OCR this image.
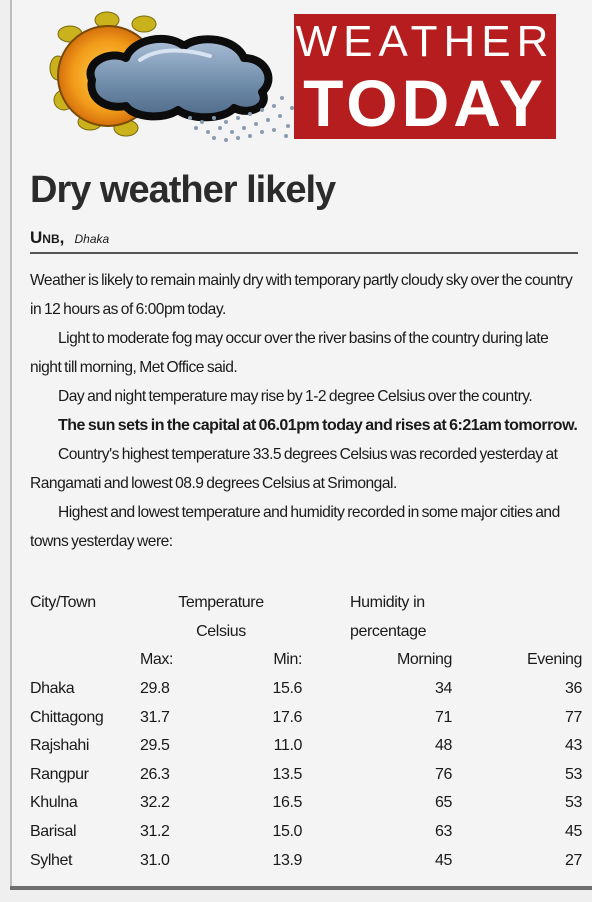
WEATHER
TODAY
Dry weather likely
Unb, Dhaka

Weather is likely to remain mainly dry with temporary partly cloudy sky over the country in 12 hours as of 6:00pm today.

Light to moderate fog may occur over the river basins of the country during late night till morning, Met Office said.

Day and night temperature may rise by 1-2 degree Celsius over the country.

The sun sets in the capital at 06.01pm today and rises at 6:21am tomorrow.

Country's highest temperature 33.5 degrees Celsius was recorded yesterday at Rangamati and lowest 08.9 degrees Celsius at Srimongal.

Highest and lowest temperature and humidity recorded in some major cities and towns yesterday were:

City/Town	Temperature		Humidity in	
	Celsius		percentage	
	Max:	Min:	Morning	Evening
Dhaka	29.8	15.6	34	36
Chittagong	31.7	17.6	71	77
Rajshahi	29.5	11.0	48	43
Rangpur	26.3	13.5	76	53
Khulna	32.2	16.5	65	53
Barisal	31.2	15.0	63	45
Sylhet	31.0	13.9	45	27
